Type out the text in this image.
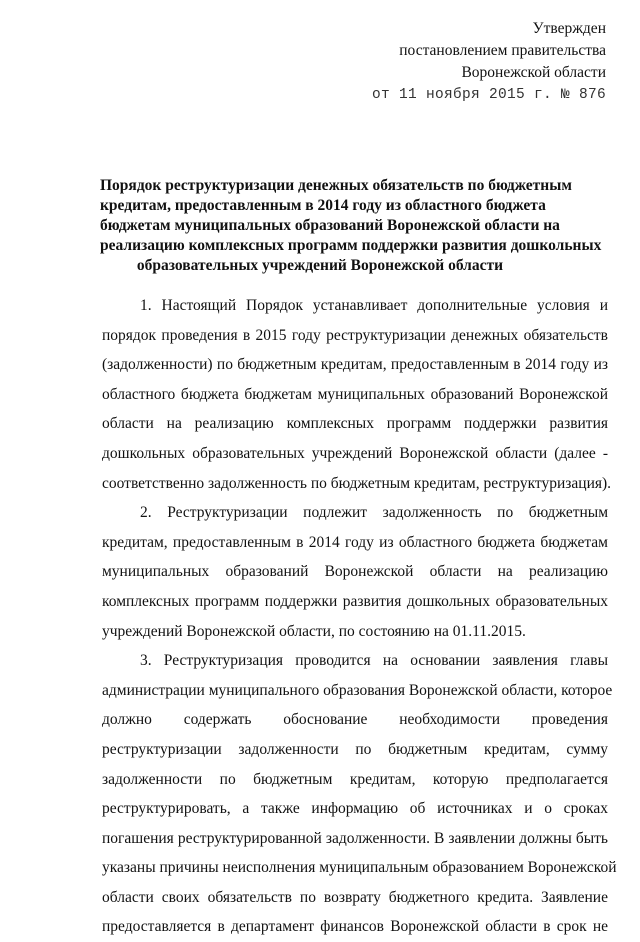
Утвержден
постановлением правительства
Воронежской области
от 11 ноября 2015 г. № 876
Порядок реструктуризации денежных обязательств по бюджетным
кредитам, предоставленным в 2014 году из областного бюджета
бюджетам муниципальных образований Воронежской области на
реализацию комплексных программ поддержки развития дошкольных
образовательных учреждений Воронежской области
1. Настоящий Порядок устанавливает дополнительные условия и
порядок проведения в 2015 году реструктуризации денежных обязательств
(задолженности) по бюджетным кредитам, предоставленным в 2014 году из
областного бюджета бюджетам муниципальных образований Воронежской
области на реализацию комплексных программ поддержки развития
дошкольных образовательных учреждений Воронежской области (далее -
соответственно задолженность по бюджетным кредитам, реструктуризация).
2. Реструктуризации подлежит задолженность по бюджетным
кредитам, предоставленным в 2014 году из областного бюджета бюджетам
муниципальных образований Воронежской области на реализацию
комплексных программ поддержки развития дошкольных образовательных
учреждений Воронежской области, по состоянию на 01.11.2015.
3. Реструктуризация проводится на основании заявления главы
администрации муниципального образования Воронежской области, которое
должно содержать обоснование необходимости проведения
реструктуризации задолженности по бюджетным кредитам, сумму
задолженности по бюджетным кредитам, которую предполагается
реструктурировать, а также информацию об источниках и о сроках
погашения реструктурированной задолженности. В заявлении должны быть
указаны причины неисполнения муниципальным образованием Воронежской
области своих обязательств по возврату бюджетного кредита. Заявление
предоставляется в департамент финансов Воронежской области в срок не
